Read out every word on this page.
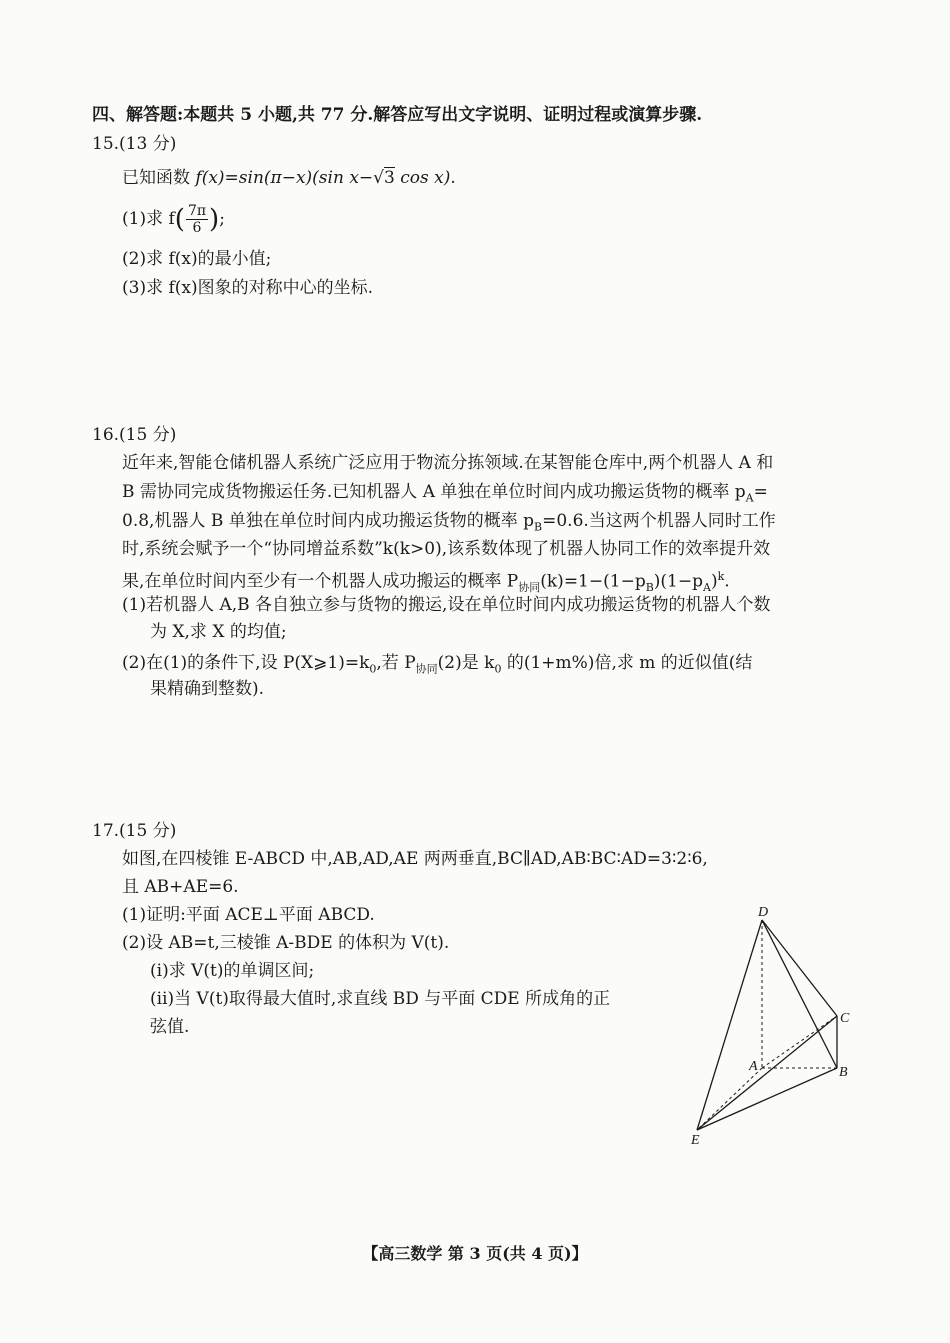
四、解答题:本题共 5 小题,共 77 分.解答应写出文字说明、证明过程或演算步骤.
15.(13 分)
已知函数 f(x)=sin(π−x)(sin x−√3 cos x).
(1)求 $f( \frac{7\pi}{6}$ );
(2)求 f(x)的最小值;
(3)求 f(x)图象的对称中心的坐标.
16.(15 分)
近年来,智能仓储机器人系统广泛应用于物流分拣领域.在某智能仓库中,两个机器人 A 和
B 需协同完成货物搬运任务.已知机器人 A 单独在单位时间内成功搬运货物的概率 $p_A=$
0.8,机器人 B 单独在单位时间内成功搬运货物的概率 $p_B=0.6$.当这两个机器人同时工作
时,系统会赋予一个“协同增益系数”k(k>0),该系数体现了机器人协同工作的效率提升效
果,在单位时间内至少有一个机器人成功搬运的概率 $P_{协同}(k)=1-(1-p_B)(1-p_A)^k$.
(1)若机器人 A,B 各自独立参与货物的搬运,设在单位时间内成功搬运货物的机器人个数
为 X,求 X 的均值;
(2)在(1)的条件下,设 $P(X⩾1)=k_0$,若 $P_{协同}(2)$是 $k_0$ 的(1+m%)倍,求 m 的近似值(结
果精确到整数).
17.(15 分)
如图,在四棱锥 E-ABCD 中,AB,AD,AE 两两垂直,BC∥AD,AB∶BC∶AD=3∶2∶6,
且 AB+AE=6.
(1)证明:平面 ACE⊥平面 ABCD.
(2)设 AB=t,三棱锥 A-BDE 的体积为 V(t).
(ⅰ)求 V(t)的单调区间;
(ⅱ)当 V(t)取得最大值时,求直线 BD 与平面 CDE 所成角的正
弦值.
D
C
A	B
E
【高三数学 第 3 页(共 4 页)】
